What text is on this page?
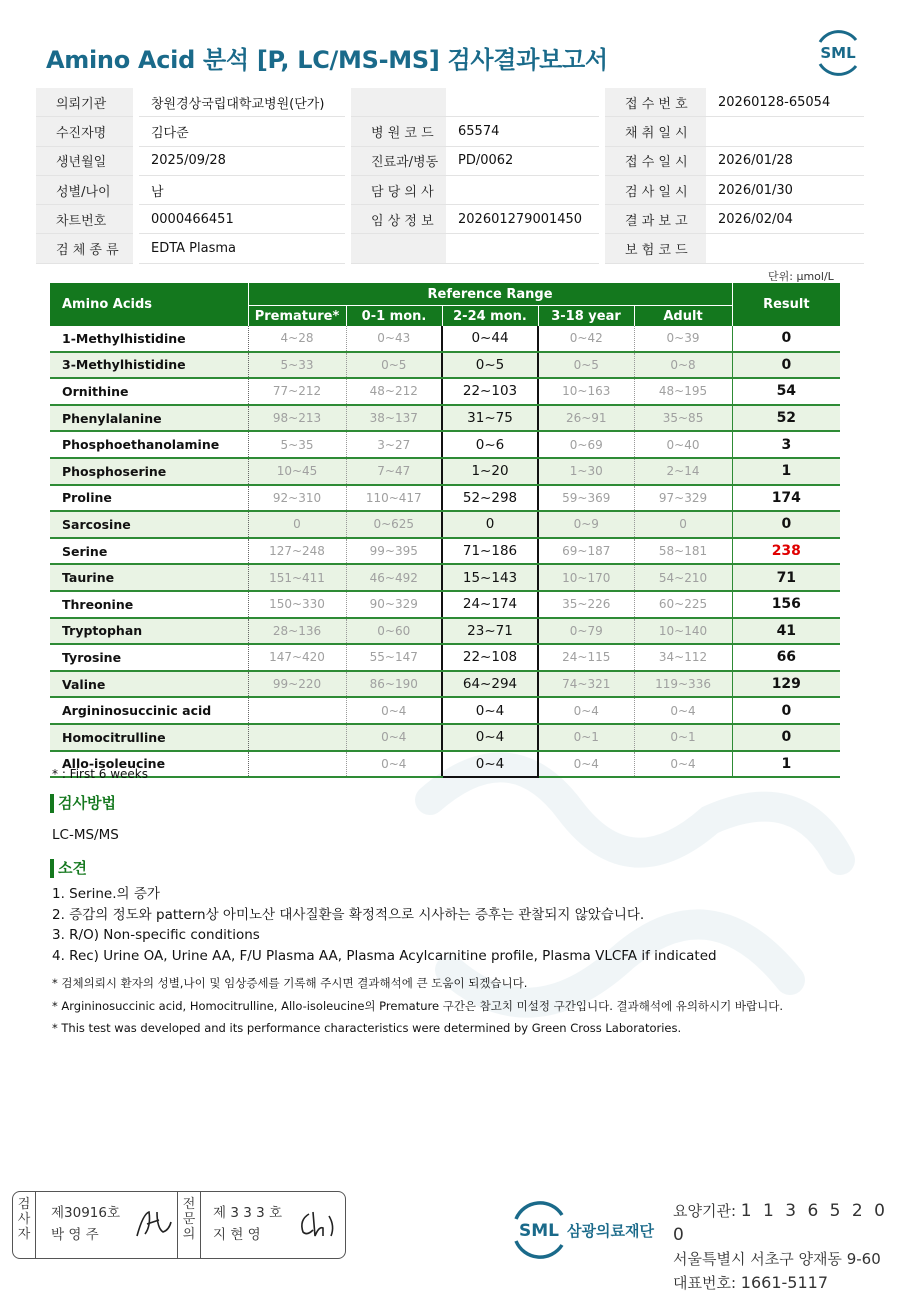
Amino Acid 분석 [P, LC/MS-MS] 검사결과보고서	SML
의뢰기관	창원경상국립대학교병원(단가)			접 수 번 호	20260128-65054
수진자명	김다준	병 원 코 드	65574	채 취 일 시	
생년월일	2025/09/28	진료과/병동	PD/0062	접 수 일 시	2026/01/28
성별/나이	남	담 당 의 사		검 사 일 시	2026/01/30
차트번호	0000466451	임 상 정 보	202601279001450	결 과 보 고	2026/02/04
검 체 종 류	EDTA Plasma			보 험 코 드	
단위: μmol/L
Amino Acids	Reference Range					Result
	Premature*	0-1 mon.	2-24 mon.	3-18 year	Adult	
1-Methylhistidine	4~28	0~43	0~44	0~42	0~39	0
3-Methylhistidine	5~33	0~5	0~5	0~5	0~8	0
Ornithine	77~212	48~212	22~103	10~163	48~195	54
Phenylalanine	98~213	38~137	31~75	26~91	35~85	52
Phosphoethanolamine	5~35	3~27	0~6	0~69	0~40	3
Phosphoserine	10~45	7~47	1~20	1~30	2~14	1
Proline	92~310	110~417	52~298	59~369	97~329	174
Sarcosine	0	0~625	0	0~9	0	0
Serine	127~248	99~395	71~186	69~187	58~181	238
Taurine	151~411	46~492	15~143	10~170	54~210	71
Threonine	150~330	90~329	24~174	35~226	60~225	156
Tryptophan	28~136	0~60	23~71	0~79	10~140	41
Tyrosine	147~420	55~147	22~108	24~115	34~112	66
Valine	99~220	86~190	64~294	74~321	119~336	129
Argininosuccinic acid		0~4	0~4	0~4	0~4	0
Homocitrulline		0~4	0~4	0~1	0~1	0
Allo-isoleucine		0~4	0~4	0~4	0~4	1
* : First 6 weeks
검사방법
LC-MS/MS
소견
1. Serine.의 증가
2. 증감의 정도와 pattern상 아미노산 대사질환을 확정적으로 시사하는 증후는 관찰되지 않았습니다.
3. R/O) Non-specific conditions
4. Rec) Urine OA, Urine AA, F/U Plasma AA, Plasma Acylcarnitine profile, Plasma VLCFA if indicated
* 검체의뢰시 환자의 성별,나이 및 임상증세를 기록해 주시면 결과해석에 큰 도움이 되겠습니다.
* Argininosuccinic acid, Homocitrulline, Allo-isoleucine의 Premature 구간은 참고치 미설정 구간입니다. 결과해석에 유의하시기 바랍니다.
* This test was developed and its performance characteristics were determined by Green Cross Laboratories.
검
사
자
제30916호
박 영 주
전
문
의
제 3 3 3 호
지 현 영	SML 삼광의료재단
요양기관: 1 1 3 6 5 2 0 0
서울특별시 서초구 양재동 9-60
대표번호: 1661-5117
